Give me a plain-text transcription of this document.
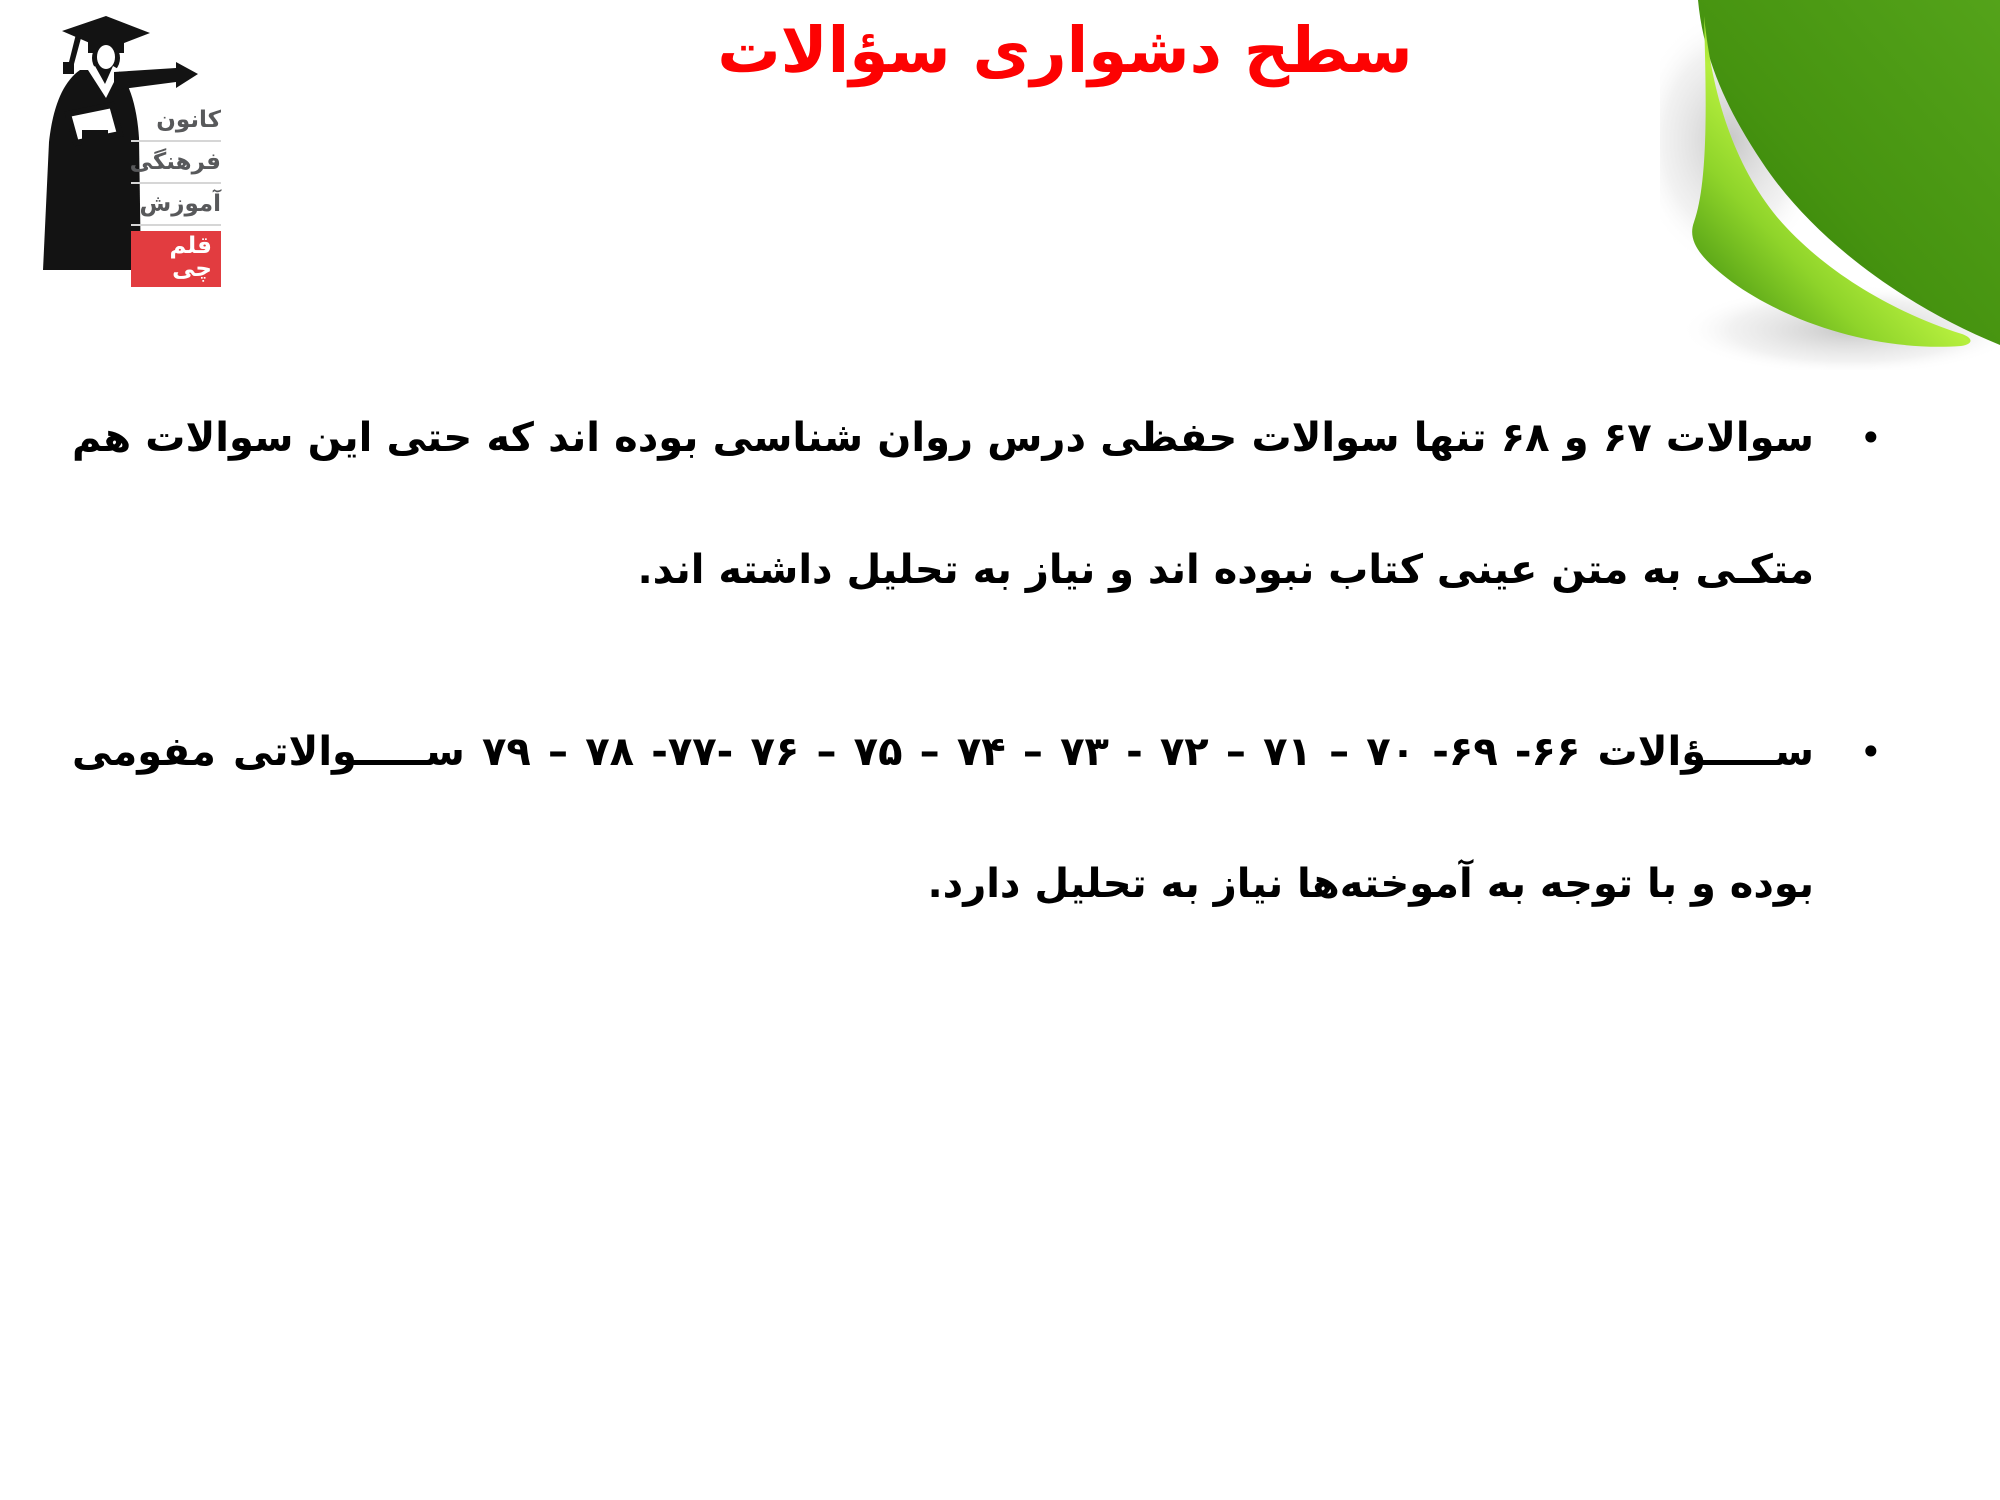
کانون
فرهنگی
آموزش
قلم چی
سطح دشواری سؤالات
•

سوالات ۶۷ و ۶۸ تنها سوالات حفظی درس روان شناسی بوده اند که حتی این سوالات هم متکـی به متن عینی کتاب نبوده اند و نیاز به تحلیل داشته اند.

•

ســـــؤالات ۶۶- ۶۹- ۷۰ – ۷۱ – ۷۲ - ۷۳ – ۷۴ – ۷۵ – ۷۶ -۷۷- ۷۸ – ۷۹ ســـــوالاتی مفومی بوده و با توجه به آموخته‌ها نیاز به تحلیل دارد.
